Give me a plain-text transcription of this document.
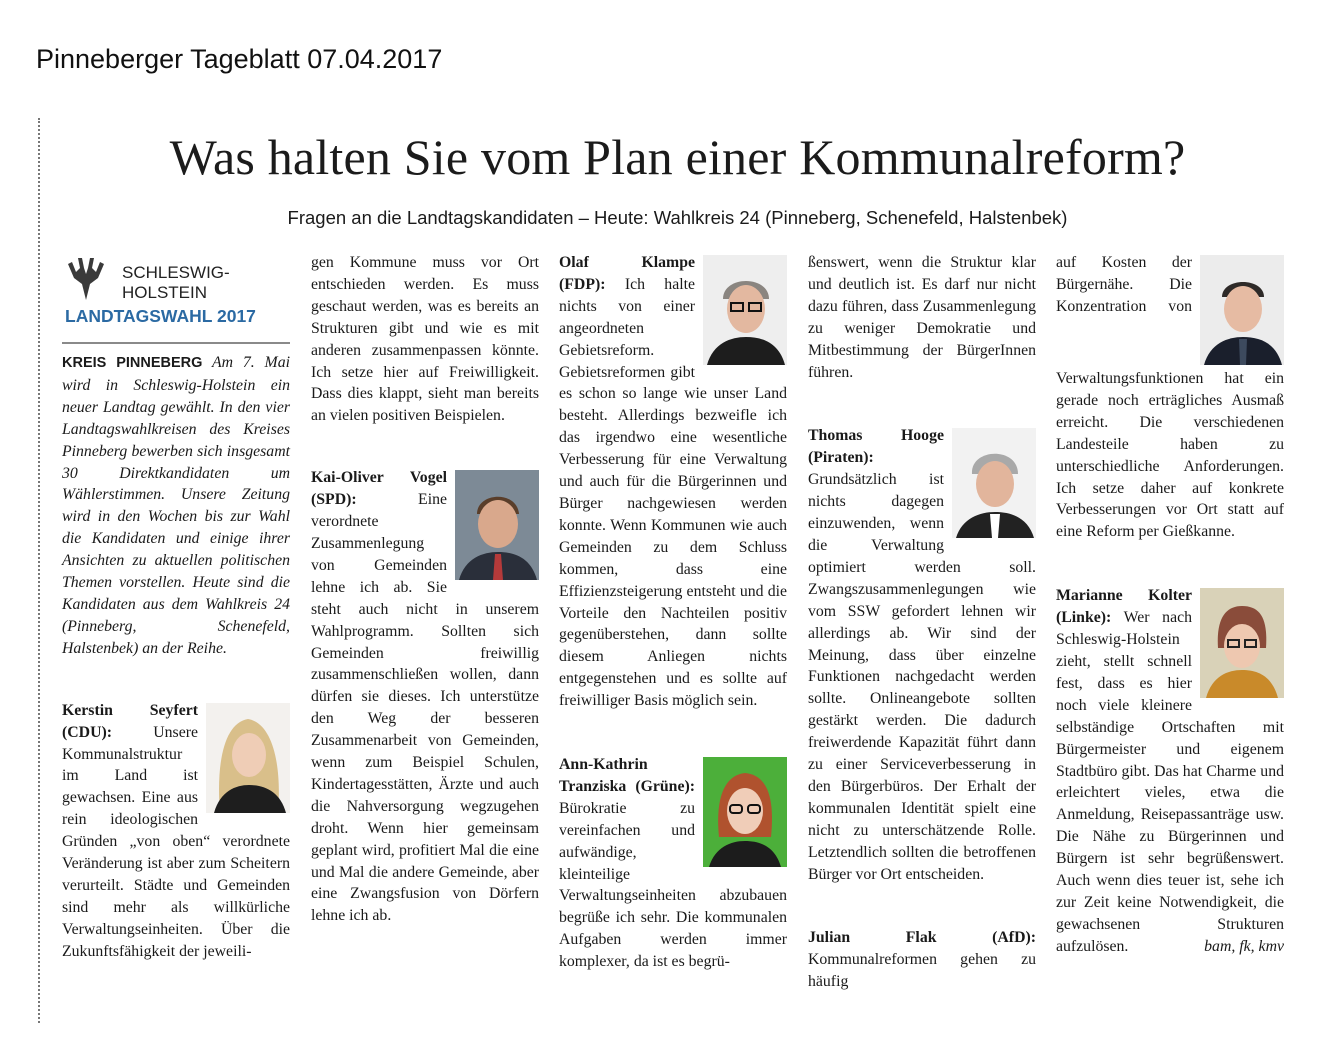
Pinneberger Tageblatt 07.04.2017
Was halten Sie vom Plan einer Kommunalreform?
Fragen an die Landtagskandidaten – Heute: Wahlkreis 24 (Pinneberg, Schenefeld, Halstenbek)
SCHLESWIG-
HOLSTEIN
LANDTAGSWAHL 2017

KREIS PINNEBERG Am 7. Mai wird in Schleswig-Holstein ein neuer Landtag gewählt. In den vier Landtagswahlkreisen des Kreises Pinneberg bewerben sich insgesamt 30 Direktkandidaten um Wählerstimmen. Unsere Zeitung wird in den Wochen bis zur Wahl die Kandidaten und einige ihrer Ansichten zu aktuellen politischen Themen vorstellen. Heute sind die Kandidaten aus dem Wahlkreis 24 (Pinneberg, Schenefeld, Halstenbek) an der Reihe.

Kerstin Seyfert (CDU):	Unsere Kommunalstruktur im Land ist gewachsen. Eine aus rein ideologischen Gründen „von oben“ verordnete Veränderung ist aber zum Scheitern verurteilt. Städte und Gemeinden sind mehr als willkürliche Verwaltungseinheiten. Über die Zukunftsfähigkeit der jeweili-

gen Kommune muss vor Ort entschieden werden. Es muss geschaut werden, was es bereits an Strukturen gibt und wie es mit anderen zusammenpassen könnte. Ich setze hier auf Freiwilligkeit. Dass dies klappt, sieht man bereits an vielen positiven Beispielen.

Kai-Oliver Vogel (SPD):	Eine verordnete Zusammenlegung von Gemeinden lehne ich ab. Sie steht auch nicht in unserem Wahlprogramm. Sollten sich Gemeinden freiwillig zusammenschließen wollen, dann dürfen sie dieses. Ich unterstütze den Weg der besseren Zusammenarbeit von Gemeinden, wenn zum Beispiel Schulen, Kindertagesstätten, Ärzte und auch die Nahversorgung wegzugehen droht. Wenn hier gemeinsam geplant wird, profitiert Mal die eine und Mal die andere Gemeinde, aber eine Zwangsfusion von Dörfern lehne ich ab.

Olaf Klampe (FDP): Ich halte nichts von einer angeordneten Gebietsreform. Gebietsreformen gibt es schon so lange wie unser Land besteht. Allerdings bezweifle ich das irgendwo eine wesentliche Verbesserung für eine Verwaltung und auch für die Bürgerinnen und Bürger nachgewiesen werden konnte. Wenn Kommunen wie auch Gemeinden zu dem Schluss kommen, dass eine Effizienzsteigerung entsteht und die Vorteile den Nachteilen positiv gegenüberstehen, dann sollte diesem Anliegen nichts entgegenstehen und es sollte auf freiwilliger Basis möglich sein.

Ann-Kathrin Tranziska (Grüne): Bürokratie zu vereinfachen und aufwändige, kleinteilige Verwaltungseinheiten abzubauen begrüße ich sehr. Die kommunalen Aufgaben werden immer komplexer, da ist es begrü-

ßenswert, wenn die Struktur klar und deutlich ist. Es darf nur nicht dazu führen, dass Zusammenlegung zu weniger Demokratie und Mitbestimmung der BürgerInnen führen.

Thomas Hooge (Piraten): Grundsätzlich ist nichts dagegen einzuwenden, wenn die Verwaltung optimiert werden soll. Zwangszusammenlegungen wie vom SSW gefordert lehnen wir allerdings ab. Wir sind der Meinung, dass über einzelne Funktionen nachgedacht werden sollte. Onlineangebote sollten gestärkt werden. Die dadurch freiwerdende Kapazität führt dann zu einer Serviceverbesserung in den Bürgerbüros. Der Erhalt der kommunalen Identität spielt eine nicht zu unterschätzende Rolle. Letztendlich sollten die betroffenen Bürger vor Ort entscheiden.

Julian Flak (AfD): Kommunalreformen gehen zu häufig

auf Kosten der Bürgernähe. Die Konzentration von Verwaltungsfunktionen hat ein gerade noch erträgliches Ausmaß erreicht. Die verschiedenen Landesteile haben zu unterschiedliche Anforderungen. Ich setze daher auf konkrete Verbesserungen vor Ort statt auf eine Reform per Gießkanne.

Marianne Kolter (Linke): Wer nach Schleswig-Holstein zieht, stellt schnell fest, dass es hier noch viele kleinere selbständige Ortschaften mit Bürgermeister und eigenem Stadtbüro gibt. Das hat Charme und erleichtert vieles, etwa die Anmeldung, Reisepassanträge usw. Die Nähe zu Bürgerinnen und Bürgern ist sehr begrüßenswert. Auch wenn dies teuer ist, sehe ich zur Zeit keine Notwendigkeit, die gewachsenen Strukturen aufzulösen.	bam, fk, kmv
